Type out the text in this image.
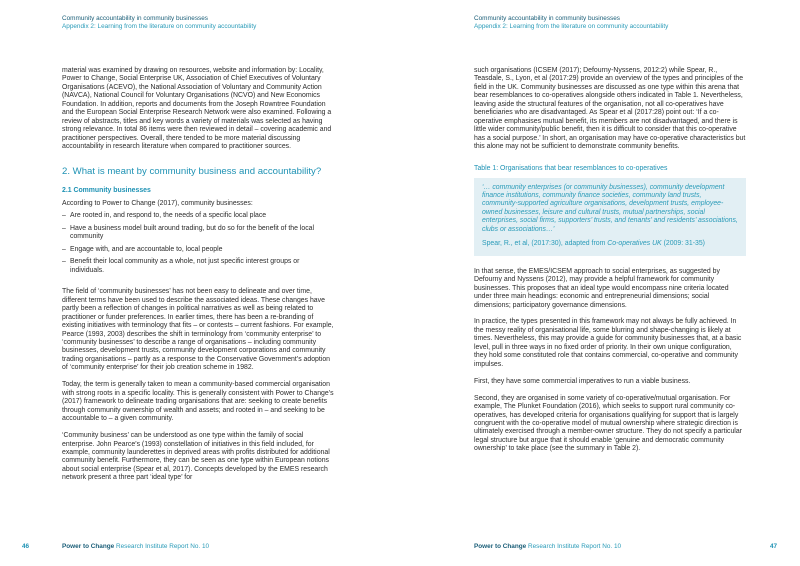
Community accountability in community businesses
Appendix 2: Learning from the literature on community accountability

material was examined by drawing on resources, website and information by: Locality, Power to Change, Social Enterprise UK, Association of Chief Executives of Voluntary Organisations (ACEVO), the National Association of Voluntary and Community Action (NAVCA), National Council for Voluntary Organisations (NCVO) and New Economics Foundation. In addition, reports and documents from the Joseph Rowntree Foundation and the European Social Enterprise Research Network were also examined. Following a review of abstracts, titles and key words a variety of materials was selected as having strong relevance. In total 86 items were then reviewed in detail – covering academic and practitioner perspectives. Overall, there tended to be more material discussing accountability in research literature when compared to practitioner sources.

2. What is meant by community business and accountability?
2.1 Community businesses

According to Power to Change (2017), community businesses:

– Are rooted in, and respond to, the needs of a specific local place
– Have a business model built around trading, but do so for the benefit of the local community
– Engage with, and are accountable to, local people
– Benefit their local community as a whole, not just specific interest groups or individuals.

The field of ‘community businesses’ has not been easy to delineate and over time, different terms have been used to describe the associated ideas. These changes have partly been a reflection of changes in political narratives as well as being related to practitioner or funder preferences. In earlier times, there has been a re-branding of existing initiatives with terminology that fits – or contests – current fashions. For example, Pearce (1993, 2003) describes the shift in terminology from ‘community enterprise’ to ‘community businesses’ to describe a range of organisations – including community businesses, development trusts, community development corporations and community trading organisations – partly as a response to the Conservative Government’s adoption of ‘community enterprise’ for their job creation scheme in 1982.

Today, the term is generally taken to mean a community-based commercial organisation with strong roots in a specific locality. This is generally consistent with Power to Change’s (2017) framework to delineate trading organisations that are: seeking to create benefits through community ownership of wealth and assets; and rooted in – and seeking to be accountable to – a given community.

‘Community business’ can be understood as one type within the family of social enterprise. John Pearce’s (1993) constellation of initiatives in this field included, for example, community launderettes in deprived areas with profits distributed for additional community benefit. Furthermore, they can be seen as one type within European notions about social enterprise (Spear et al, 2017). Concepts developed by the EMES research network present a three part ‘ideal type’ for

46	Power to Change Research Institute Report No. 10
Community accountability in community businesses
Appendix 2: Learning from the literature on community accountability

such organisations (ICSEM (2017); Defourny-Nyssens, 2012:2) while Spear, R., Teasdale, S., Lyon, et al (2017:29) provide an overview of the types and principles of the field in the UK. Community businesses are discussed as one type within this arena that bear resemblances to co-operatives alongside others indicated in Table 1. Nevertheless, leaving aside the structural features of the organisation, not all co-operatives have beneficiaries who are disadvantaged. As Spear et al (2017:28) point out: ‘If a co-operative emphasises mutual benefit, its members are not disadvantaged, and there is little wider community/public benefit, then it is difficult to consider that this co-operative has a social purpose.’ In short, an organisation may have co-operative characteristics but this alone may not be sufficient to demonstrate community benefits.

Table 1: Organisations that bear resemblances to co-operatives

‘… community enterprises (or community businesses), community development finance institutions, community finance societies, community land trusts, community-supported agriculture organisations, development trusts, employee-owned businesses, leisure and cultural trusts, mutual partnerships, social enterprises, social firms, supporters’ trusts, and tenants’ and residents’ associations, clubs or associations…’

Spear, R., et al, (2017:30), adapted from Co-operatives UK (2009: 31-35)

In that sense, the EMES/ICSEM approach to social enterprises, as suggested by Defourny and Nyssens (2012), may provide a helpful framework for community businesses. This proposes that an ideal type would encompass nine criteria located under three main headings: economic and entrepreneurial dimensions; social dimensions; participatory governance dimensions.

In practice, the types presented in this framework may not always be fully achieved. In the messy reality of organisational life, some blurring and shape-changing is likely at times. Nevertheless, this may provide a guide for community businesses that, at a basic level, pull in three ways in no fixed order of priority. In their own unique configuration, they hold some constituted role that contains commercial, co-operative and community impulses.

First, they have some commercial imperatives to run a viable business.

Second, they are organised in some variety of co-operative/mutual organisation. For example, The Plunket Foundation (2016), which seeks to support rural community co-operatives, has developed criteria for organisations qualifying for support that is largely congruent with the co-operative model of mutual ownership where strategic direction is ultimately exercised through a member-owner structure. They do not specify a particular legal structure but argue that it should enable ‘genuine and democratic community ownership’ to take place (see the summary in Table 2).

Power to Change Research Institute Report No. 10	47
